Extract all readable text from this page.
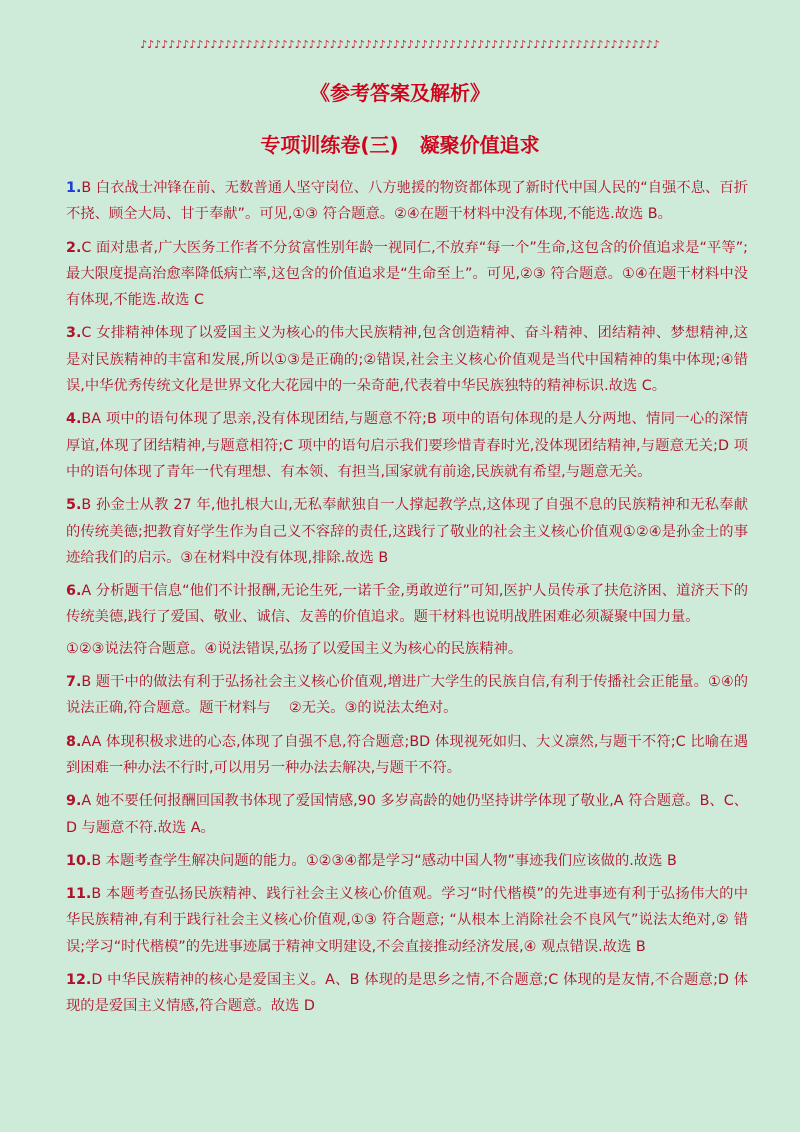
♪♪♪♪♪♪♪♪♪♪♪♪♪♪♪♪♪♪♪♪♪♪♪♪♪♪♪♪♪♪♪♪♪♪♪♪♪♪♪♪♪♪♪♪♪♪♪♪♪♪♪♪♪♪♪♪♪♪♪♪♪♪♪♪♪♪♪♪♪♪♪♪♪♪
《参考答案及解析》
专项训练卷(三)   凝聚价值追求

1.B 白衣战士冲锋在前、无数普通人坚守岗位、八方驰援的物资都体现了新时代中国人民的“自强不息、百折不挠、顾全大局、甘于奉献”。可见,①③ 符合题意。②④在题干材料中没有体现,不能选.故选 B。

2.C 面对患者,广大医务工作者不分贫富性别年龄一视同仁,不放弃“每一个”生命,这包含的价值追求是“平等”;最大限度提高治愈率降低病亡率,这包含的价值追求是“生命至上”。可见,②③ 符合题意。①④在题干材料中没有体现,不能选.故选 C

3.C 女排精神体现了以爱国主义为核心的伟大民族精神,包含创造精神、奋斗精神、团结精神、梦想精神,这是对民族精神的丰富和发展,所以①③是正确的;②错误,社会主义核心价值观是当代中国精神的集中体现;④错误,中华优秀传统文化是世界文化大花园中的一朵奇葩,代表着中华民族独特的精神标识.故选 C。

4.BA 项中的语句体现了思亲,没有体现团结,与题意不符;B 项中的语句体现的是人分两地、情同一心的深情厚谊,体现了团结精神,与题意相符;C 项中的语句启示我们要珍惜青春时光,没体现团结精神,与题意无关;D 项中的语句体现了青年一代有理想、有本领、有担当,国家就有前途,民族就有希望,与题意无关。

5.B 孙金士从教 27 年,他扎根大山,无私奉献独自一人撑起教学点,这体现了自强不息的民族精神和无私奉献的传统美德;把教育好学生作为自己义不容辞的责任,这践行了敬业的社会主义核心价值观①②④是孙金士的事迹给我们的启示。③在材料中没有体现,排除.故选 B

6.A 分析题干信息“他们不计报酬,无论生死,一诺千金,勇敢逆行”可知,医护人员传承了扶危济困、道济天下的传统美德,践行了爱国、敬业、诚信、友善的价值追求。题干材料也说明战胜困难必须凝聚中国力量。

①②③说法符合题意。④说法错误,弘扬了以爱国主义为核心的民族精神。

7.B 题干中的做法有利于弘扬社会主义核心价值观,增进广大学生的民族自信,有利于传播社会正能量。①④的说法正确,符合题意。题干材料与    ②无关。③的说法太绝对。

8.AA 体现积极求进的心态,体现了自强不息,符合题意;BD 体现视死如归、大义凛然,与题干不符;C 比喻在遇到困难一种办法不行时,可以用另一种办法去解决,与题干不符。

9.A 她不要任何报酬回国教书体现了爱国情感,90 多岁高龄的她仍坚持讲学体现了敬业,A 符合题意。B、C、D 与题意不符.故选 A。

10.B 本题考查学生解决问题的能力。①②③④都是学习“感动中国人物”事迹我们应该做的.故选 B

11.B 本题考查弘扬民族精神、践行社会主义核心价值观。学习“时代楷模”的先进事迹有利于弘扬伟大的中华民族精神,有利于践行社会主义核心价值观,①③ 符合题意; “从根本上消除社会不良风气”说法太绝对,② 错误;学习“时代楷模”的先进事迹属于精神文明建设,不会直接推动经济发展,④ 观点错误.故选 B

12.D 中华民族精神的核心是爱国主义。A、B 体现的是思乡之情,不合题意;C 体现的是友情,不合题意;D 体现的是爱国主义情感,符合题意。故选 D
